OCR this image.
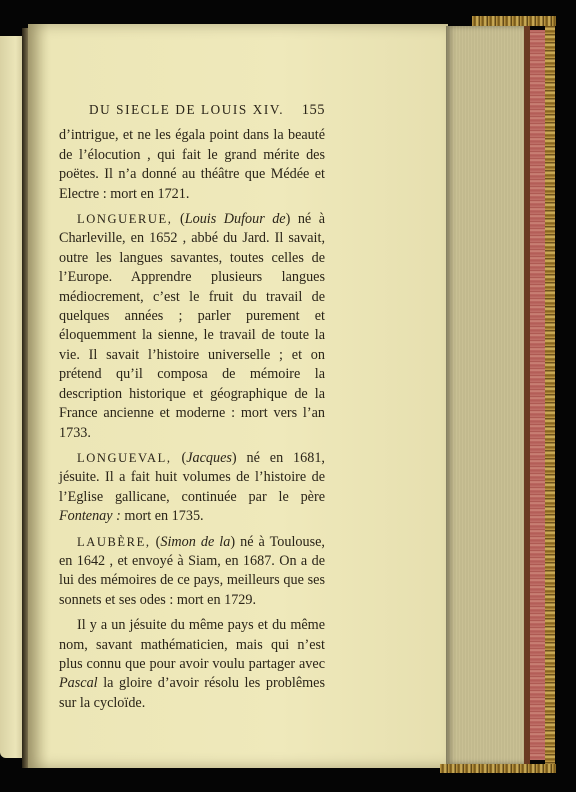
DU SIECLE DE LOUIS XIV. 155

d’intrigue, et ne les égala point dans la beauté de l’élocution , qui fait le grand mérite des poëtes. Il n’a donné au théâtre que Médée et Electre : mort en 1721.

LONGUERUE, (Louis Dufour de) né à Charleville, en 1652 , abbé du Jard. Il savait, outre les langues savantes, toutes celles de l’Europe. Apprendre plusieurs langues médiocrement, c’est le fruit du travail de quelques années ; parler purement et éloquemment la sienne, le travail de toute la vie. Il savait l’histoire universelle ; et on prétend qu’il composa de mémoire la description historique et géographique de la France ancienne et moderne : mort vers l’an 1733.

LONGUEVAL, (Jacques) né en 1681, jésuite. Il a fait huit volumes de l’histoire de l’Eglise gallicane, continuée par le père Fontenay : mort en 1735.

LAUBÈRE, (Simon de la) né à Toulouse, en 1642 , et envoyé à Siam, en 1687. On a de lui des mémoires de ce pays, meilleurs que ses sonnets et ses odes : mort en 1729.

Il y a un jésuite du même pays et du même nom, savant mathématicien, mais qui n’est plus connu que pour avoir voulu partager avec Pascal la gloire d’avoir résolu les problêmes sur la cycloïde.
